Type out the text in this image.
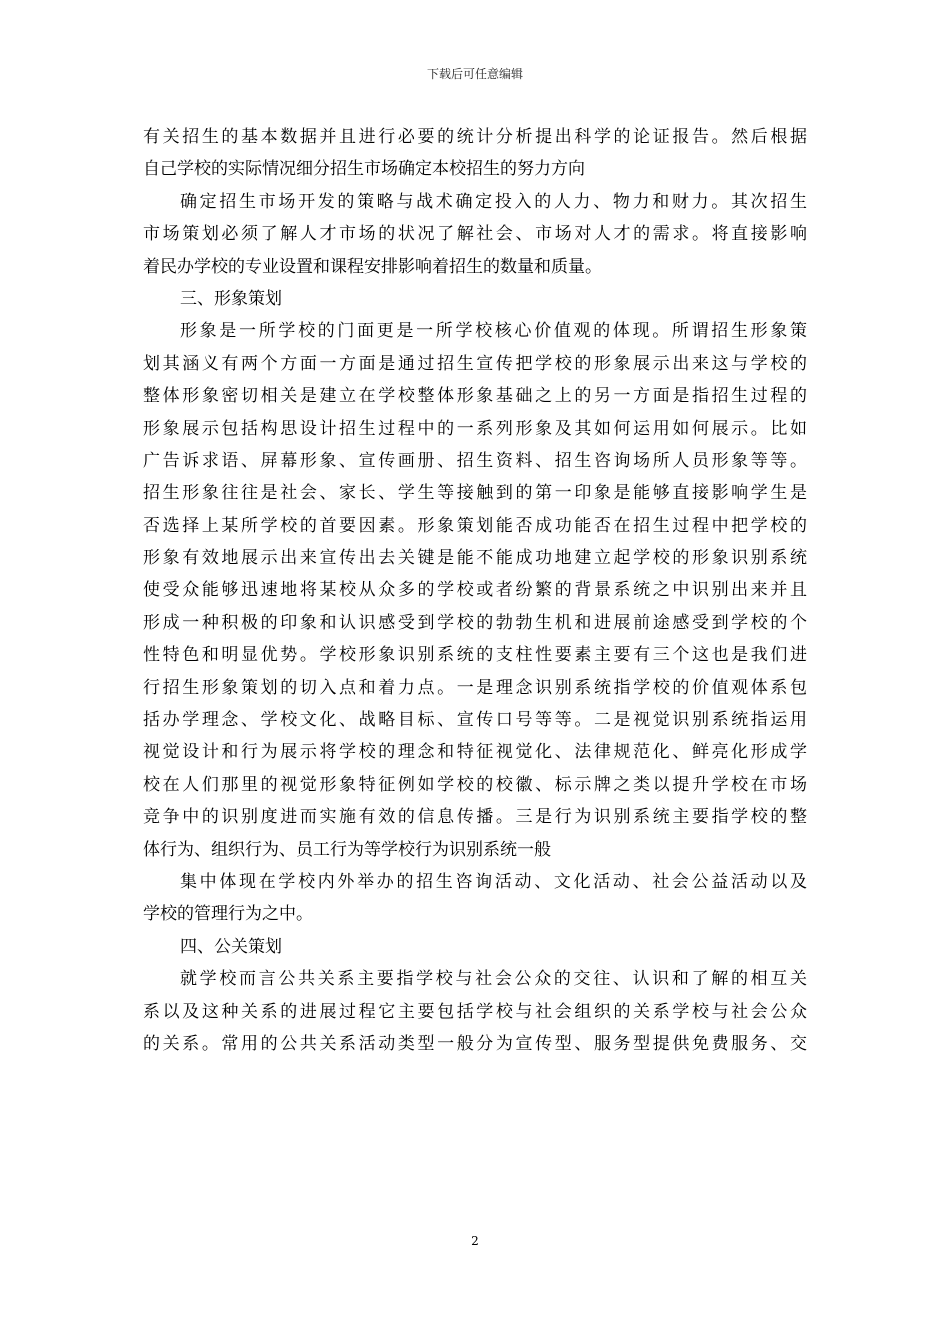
下载后可任意编辑
有关招生的基本数据并且进行必要的统计分析提出科学的论证报告。然后根据
自己学校的实际情况细分招生市场确定本校招生的努力方向
确定招生市场开发的策略与战术确定投入的人力、物力和财力。其次招生
市场策划必须了解人才市场的状况了解社会、市场对人才的需求。将直接影响
着民办学校的专业设置和课程安排影响着招生的数量和质量。
三、形象策划
形象是一所学校的门面更是一所学校核心价值观的体现。所谓招生形象策
划其涵义有两个方面一方面是通过招生宣传把学校的形象展示出来这与学校的
整体形象密切相关是建立在学校整体形象基础之上的另一方面是指招生过程的
形象展示包括构思设计招生过程中的一系列形象及其如何运用如何展示。比如
广告诉求语、屏幕形象、宣传画册、招生资料、招生咨询场所人员形象等等。
招生形象往往是社会、家长、学生等接触到的第一印象是能够直接影响学生是
否选择上某所学校的首要因素。形象策划能否成功能否在招生过程中把学校的
形象有效地展示出来宣传出去关键是能不能成功地建立起学校的形象识别系统
使受众能够迅速地将某校从众多的学校或者纷繁的背景系统之中识别出来并且
形成一种积极的印象和认识感受到学校的勃勃生机和进展前途感受到学校的个
性特色和明显优势。学校形象识别系统的支柱性要素主要有三个这也是我们进
行招生形象策划的切入点和着力点。一是理念识别系统指学校的价值观体系包
括办学理念、学校文化、战略目标、宣传口号等等。二是视觉识别系统指运用
视觉设计和行为展示将学校的理念和特征视觉化、法律规范化、鲜亮化形成学
校在人们那里的视觉形象特征例如学校的校徽、标示牌之类以提升学校在市场
竞争中的识别度进而实施有效的信息传播。三是行为识别系统主要指学校的整
体行为、组织行为、员工行为等学校行为识别系统一般
集中体现在学校内外举办的招生咨询活动、文化活动、社会公益活动以及
学校的管理行为之中。
四、公关策划
就学校而言公共关系主要指学校与社会公众的交往、认识和了解的相互关
系以及这种关系的进展过程它主要包括学校与社会组织的关系学校与社会公众
的关系。常用的公共关系活动类型一般分为宣传型、服务型提供免费服务、交
2
